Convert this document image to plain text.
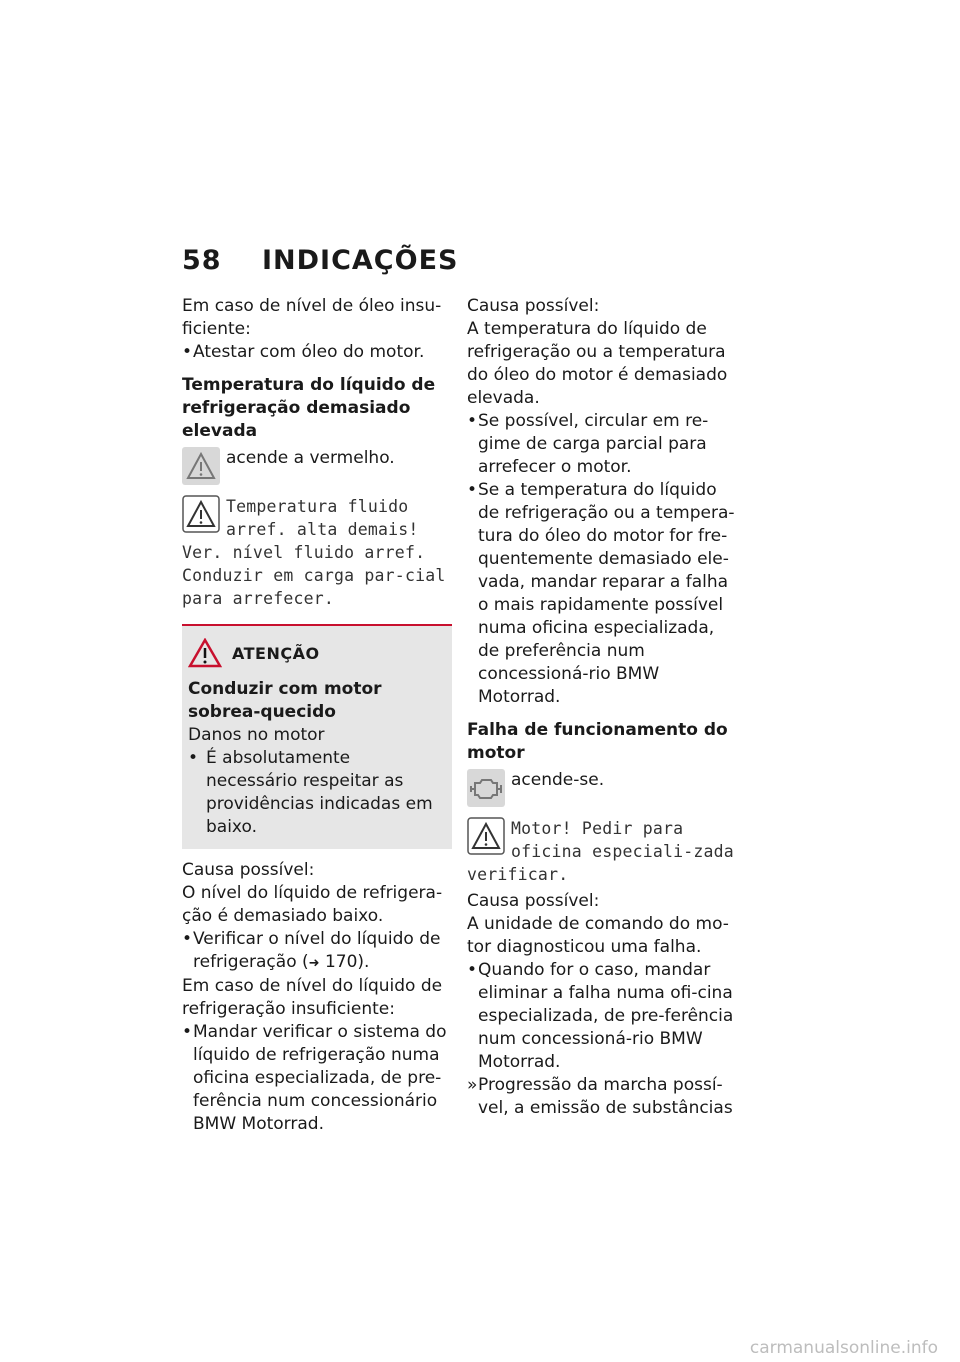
58 INDICAÇÕES

Em caso de nível de óleo insu-ficiente:

• Atestar com óleo do motor.

Temperatura do líquido de refrigeração demasiado elevada

acende a vermelho.

Temperatura fluido arref. alta demais! Ver. nível fluido arref. Conduzir em carga par-cial para arrefecer.

ATENÇÃO

Conduzir com motor sobrea-quecido

Danos no motor

• É absolutamente necessário respeitar as providências indicadas em baixo.

Causa possível:

O nível do líquido de refrigera-ção é demasiado baixo.

• Verificar o nível do líquido de refrigeração (➜ 170).

Em caso de nível do líquido de refrigeração insuficiente:

• Mandar verificar o sistema do líquido de refrigeração numa oficina especializada, de pre-ferência num concessionário BMW Motorrad.

Causa possível:

A temperatura do líquido de refrigeração ou a temperatura do óleo do motor é demasiado elevada.

• Se possível, circular em re-gime de carga parcial para arrefecer o motor.

• Se a temperatura do líquido de refrigeração ou a tempera-tura do óleo do motor for fre-quentemente demasiado ele-vada, mandar reparar a falha o mais rapidamente possível numa oficina especializada, de preferência num concessioná-rio BMW Motorrad.

Falha de funcionamento do motor

acende-se.

Motor! Pedir para oficina especiali-zada verificar.

Causa possível:

A unidade de comando do mo-tor diagnosticou uma falha.

• Quando for o caso, mandar eliminar a falha numa ofi-cina especializada, de pre-ferência num concessioná-rio BMW Motorrad.

» Progressão da marcha possí-vel, a emissão de substâncias

carmanualsonline.info
